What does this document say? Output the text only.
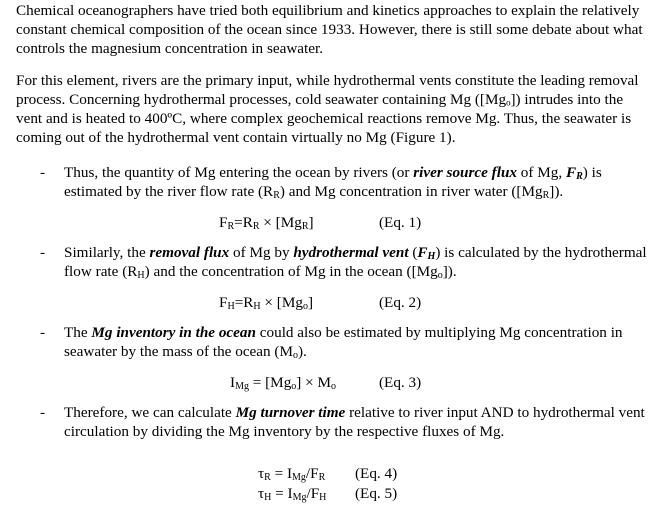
Chemical oceanographers have tried both equilibrium and kinetics approaches to explain the relatively constant chemical composition of the ocean since 1933. However, there is still some debate about what controls the magnesium concentration in seawater.

For this element, rivers are the primary input, while hydrothermal vents constitute the leading removal process. Concerning hydrothermal processes, cold seawater containing Mg ([Mgₒ]) intrudes into the vent and is heated to 400ºC, where complex geochemical reactions remove Mg. Thus, the seawater is coming out of the hydrothermal vent contain virtually no Mg (Figure 1).

- Thus, the quantity of Mg entering the ocean by rivers (or river source flux of Mg, $F_R$) is estimated by the river flow rate $(R_R)$ and Mg concentration in river water $([Mg_R])$.
$F_R=R_R \times [Mg_R]$	(Eq. 1)
- Similarly, the removal flux of Mg by hydrothermal vent $(F_H)$ is calculated by the hydrothermal flow rate $(R_H)$ and the concentration of Mg in the ocean $([Mg_o])$.
$F_H=R_H \times [Mg_o]$	(Eq. 2)
- The Mg inventory in the ocean could also be estimated by multiplying Mg concentration in seawater by the mass of the ocean $(M_o)$.
$I_{Mg} = [Mg_o] \times M_o$	(Eq. 3)
- Therefore, we can calculate Mg turnover time relative to river input AND to hydrothermal vent circulation by dividing the Mg inventory by the respective fluxes of Mg.
$\tau_R = I_{Mg}/F_R$ (Eq. 4)
$\tau_H = I_{Mg}/F_H$ (Eq. 5)
